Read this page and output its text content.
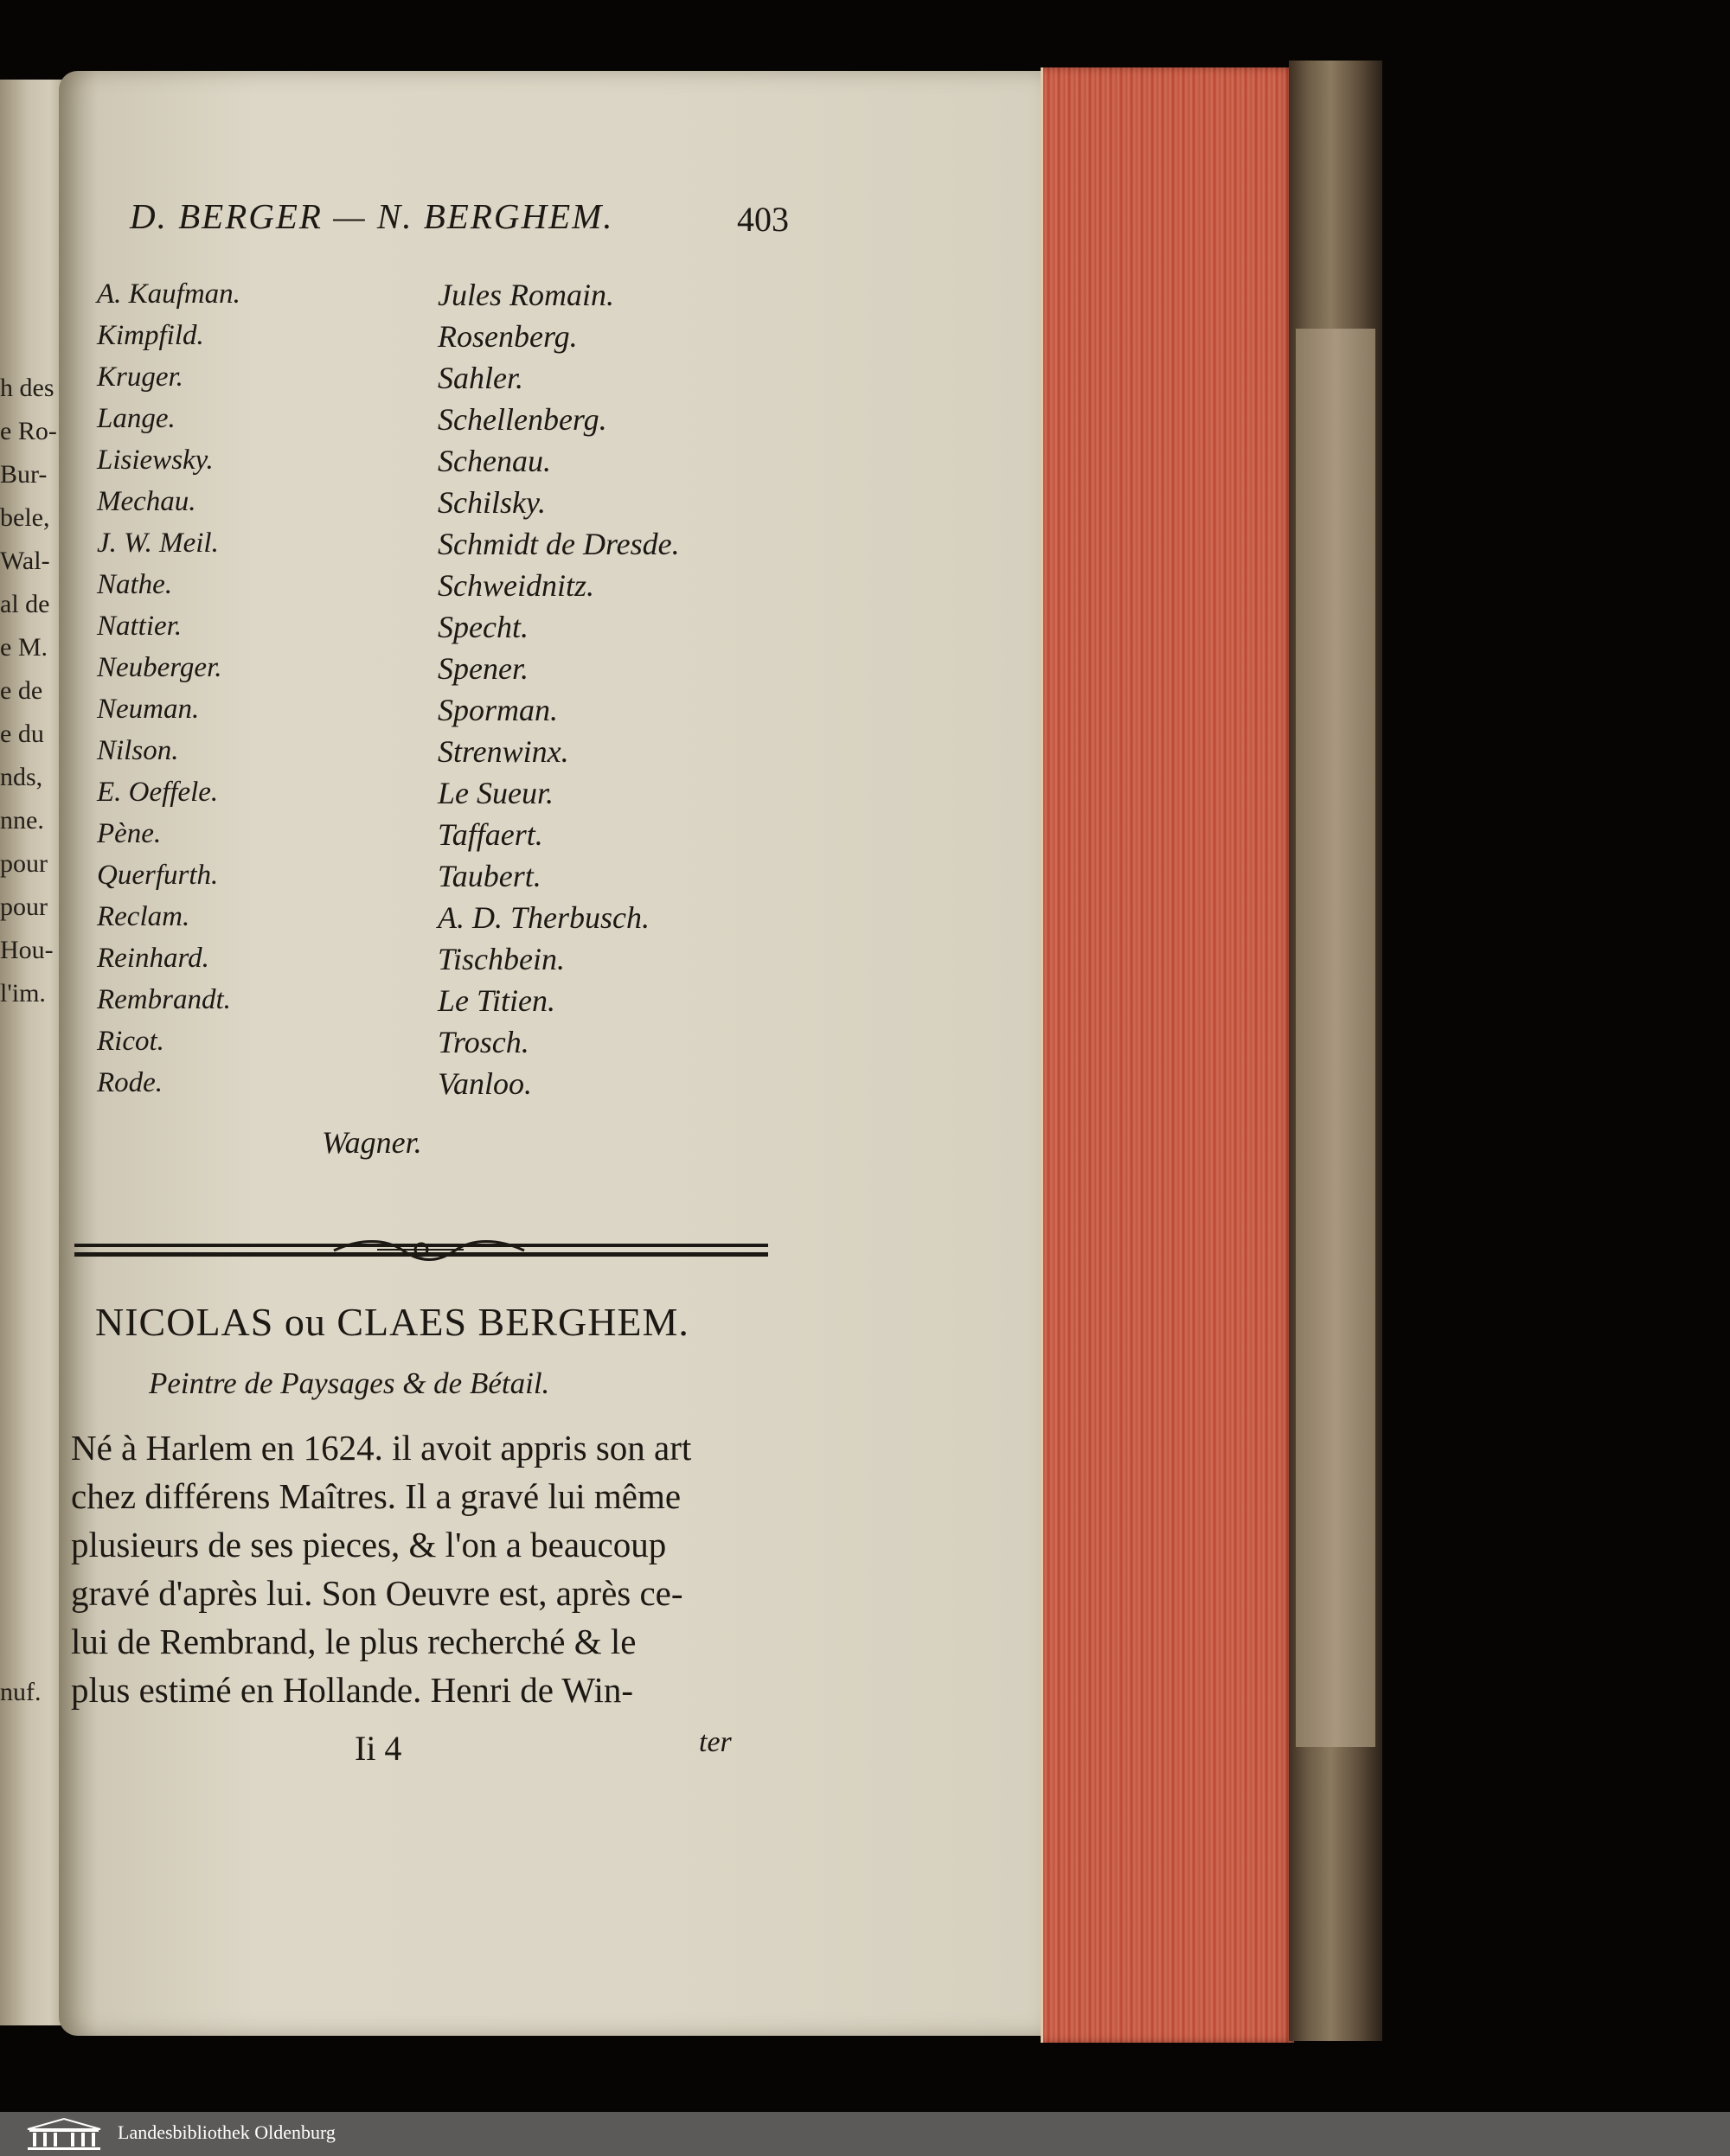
h des
e Ro-
Bur-
bele,
Wal-
al de
e M.
e de
e du
nds,
nne.
pour
pour
Hou-
l'im.
nuf.
D. BERGER — N. BERGHEM.	403
A. Kaufman.
Kimpfild.
Kruger.
Lange.
Lisiewsky.
Mechau.
J. W. Meil.
Nathe.
Nattier.
Neuberger.
Neuman.
Nilson.
E. Oeffele.
Pène.
Querfurth.
Reclam.
Reinhard.
Rembrandt.
Ricot.
Rode.
Jules Romain.
Rosenberg.
Sahler.
Schellenberg.
Schenau.
Schilsky.
Schmidt de Dresde.
Schweidnitz.
Specht.
Spener.
Sporman.
Strenwinx.
Le Sueur.
Taffaert.
Taubert.
A. D. Therbusch.
Tischbein.
Le Titien.
Trosch.
Vanloo.
Wagner.
NICOLAS ou CLAES BERGHEM.
Peintre de Paysages & de Bétail.
Né à Harlem en 1624. il avoit appris son art
chez différens Maîtres. Il a gravé lui même
plusieurs de ses pieces, & l'on a beaucoup
gravé d'après lui. Son Oeuvre est, après ce-
lui de Rembrand, le plus recherché & le
plus estimé en Hollande. Henri de Win-
Ii 4	ter
Landesbibliothek Oldenburg
